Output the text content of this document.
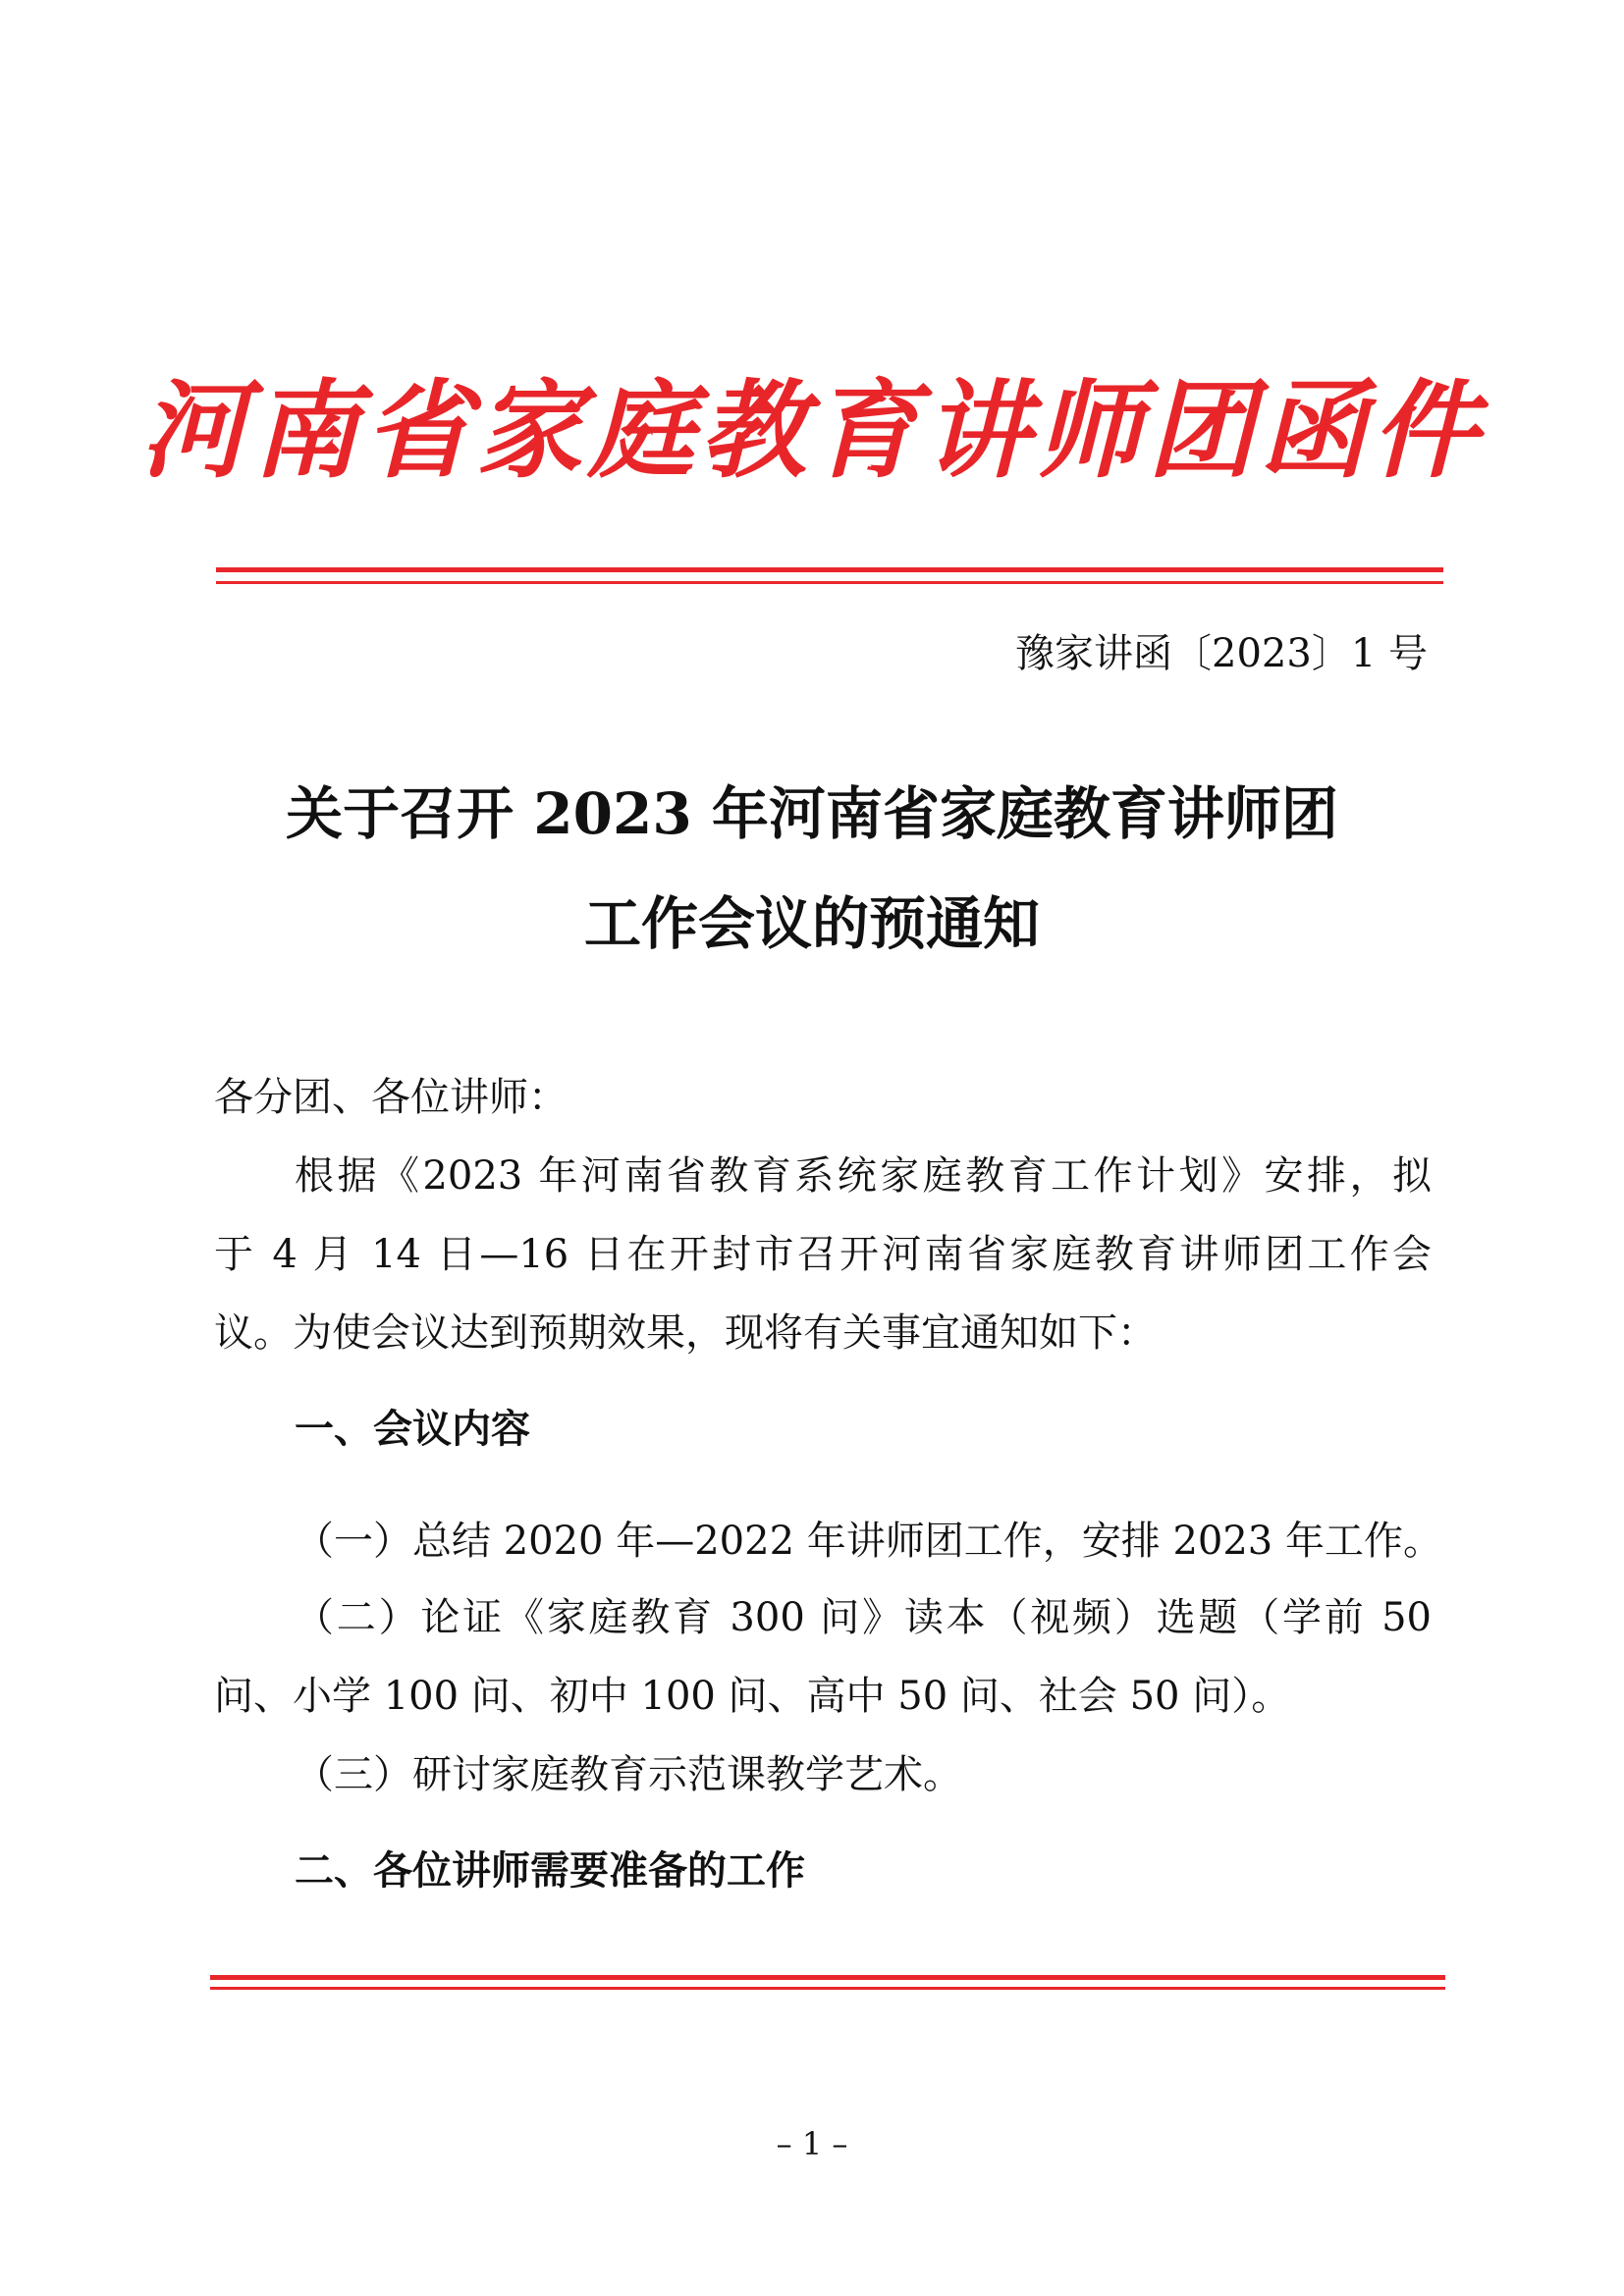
河南省家庭教育讲师团函件
豫家讲函〔2023〕1 号
关于召开 2023 年河南省家庭教育讲师团
工作会议的预通知
各分团、各位讲师：
根据《2023 年河南省教育系统家庭教育工作计划》安排，拟
于 4 月 14 日—16 日在开封市召开河南省家庭教育讲师团工作会
议。为使会议达到预期效果，现将有关事宜通知如下：
一、会议内容
（一）总结 2020 年—2022 年讲师团工作，安排 2023 年工作。
（二）论证《家庭教育 300 问》读本（视频）选题（学前 50
问、小学 100 问、初中 100 问、高中 50 问、社会 50 问）。
（三）研讨家庭教育示范课教学艺术。
二、各位讲师需要准备的工作
– 1 –
